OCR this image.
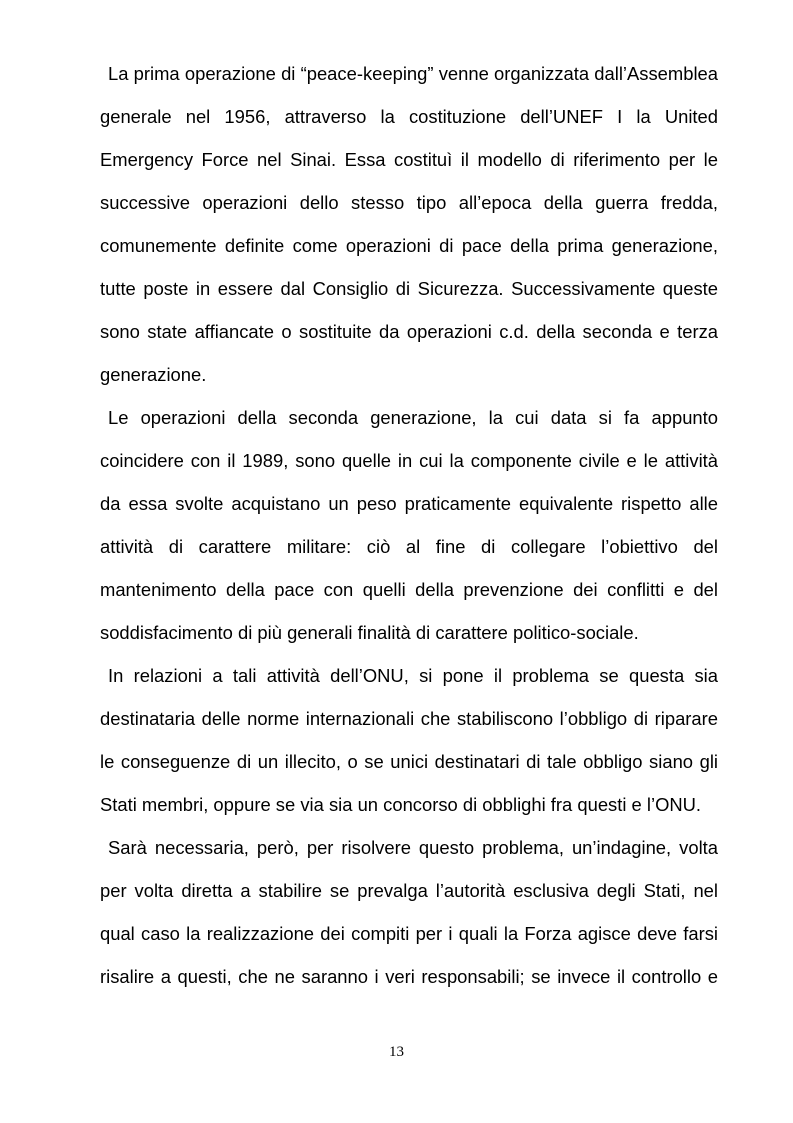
La prima operazione di “peace-keeping” venne organizzata dall’Assemblea generale nel 1956, attraverso la costituzione dell’UNEF I la United Emergency Force nel Sinai. Essa costituì il modello di riferimento per le successive operazioni dello stesso tipo all’epoca della guerra fredda, comunemente definite come operazioni di pace della prima generazione, tutte poste in essere dal Consiglio di Sicurezza. Successivamente queste sono state affiancate o sostituite da operazioni c.d. della seconda e terza generazione.

Le operazioni della seconda generazione, la cui data si fa appunto coincidere con il 1989, sono quelle in cui la componente civile e le attività da essa svolte acquistano un peso praticamente equivalente rispetto alle attività di carattere militare: ciò al fine di collegare l’obiettivo del mantenimento della pace con quelli della prevenzione dei conflitti e del soddisfacimento di più generali finalità di carattere politico-sociale.

In relazioni a tali attività dell’ONU, si pone il problema se questa sia destinataria delle norme internazionali che stabiliscono l’obbligo di riparare le conseguenze di un illecito, o se unici destinatari di tale obbligo siano gli Stati membri, oppure se via sia un concorso di obblighi fra questi e l’ONU.

Sarà necessaria, però, per risolvere questo problema, un’indagine, volta per volta diretta a stabilire se prevalga l’autorità esclusiva degli Stati, nel qual caso la realizzazione dei compiti per i quali la Forza agisce deve farsi risalire a questi, che ne saranno i veri responsabili; se invece il controllo e

13
